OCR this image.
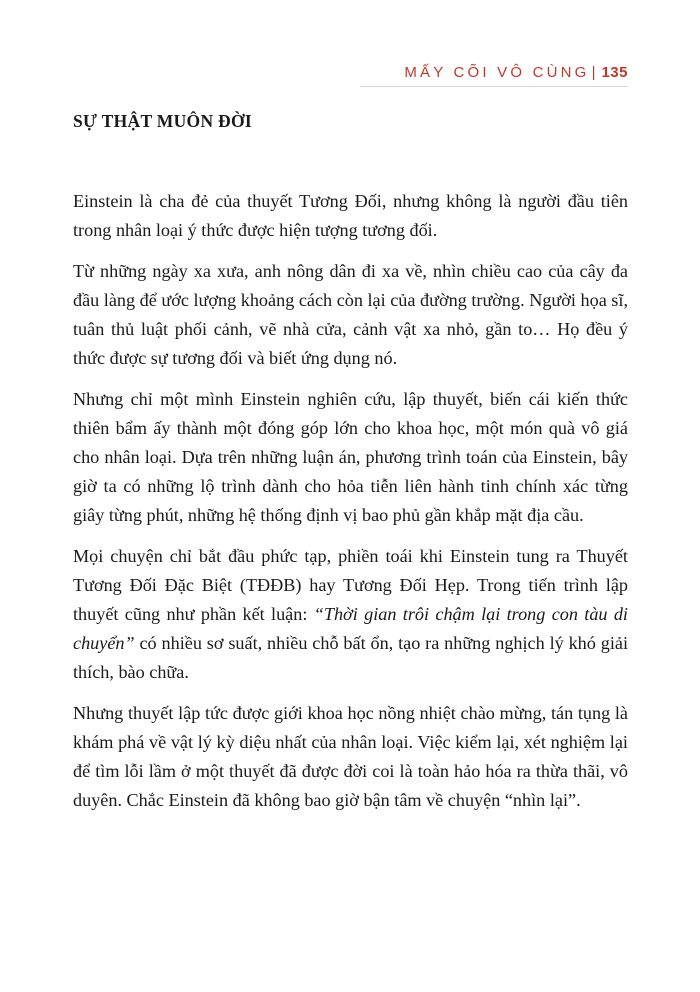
MẤY CÕI VÔ CÙNG | 135
SỰ THẬT MUÔN ĐỜI

Einstein là cha đẻ của thuyết Tương Đối, nhưng không là người đầu tiên trong nhân loại ý thức được hiện tượng tương đối.

Từ những ngày xa xưa, anh nông dân đi xa về, nhìn chiều cao của cây đa đầu làng để ước lượng khoảng cách còn lại của đường trường. Người họa sĩ, tuân thủ luật phối cảnh, vẽ nhà cửa, cảnh vật xa nhỏ, gần to… Họ đều ý thức được sự tương đối và biết ứng dụng nó.

Nhưng chỉ một mình Einstein nghiên cứu, lập thuyết, biến cái kiến thức thiên bẩm ấy thành một đóng góp lớn cho khoa học, một món quà vô giá cho nhân loại. Dựa trên những luận án, phương trình toán của Einstein, bây giờ ta có những lộ trình dành cho hỏa tiễn liên hành tinh chính xác từng giây từng phút, những hệ thống định vị bao phủ gần khắp mặt địa cầu.

Mọi chuyện chỉ bắt đầu phức tạp, phiền toái khi Einstein tung ra Thuyết Tương Đối Đặc Biệt (TĐĐB) hay Tương Đối Hẹp. Trong tiến trình lập thuyết cũng như phần kết luận: “Thời gian trôi chậm lại trong con tàu di chuyển” có nhiều sơ suất, nhiều chỗ bất ổn, tạo ra những nghịch lý khó giải thích, bào chữa.

Nhưng thuyết lập tức được giới khoa học nồng nhiệt chào mừng, tán tụng là khám phá về vật lý kỳ diệu nhất của nhân loại. Việc kiểm lại, xét nghiệm lại để tìm lỗi lầm ở một thuyết đã được đời coi là toàn hảo hóa ra thừa thãi, vô duyên. Chắc Einstein đã không bao giờ bận tâm về chuyện “nhìn lại”.
